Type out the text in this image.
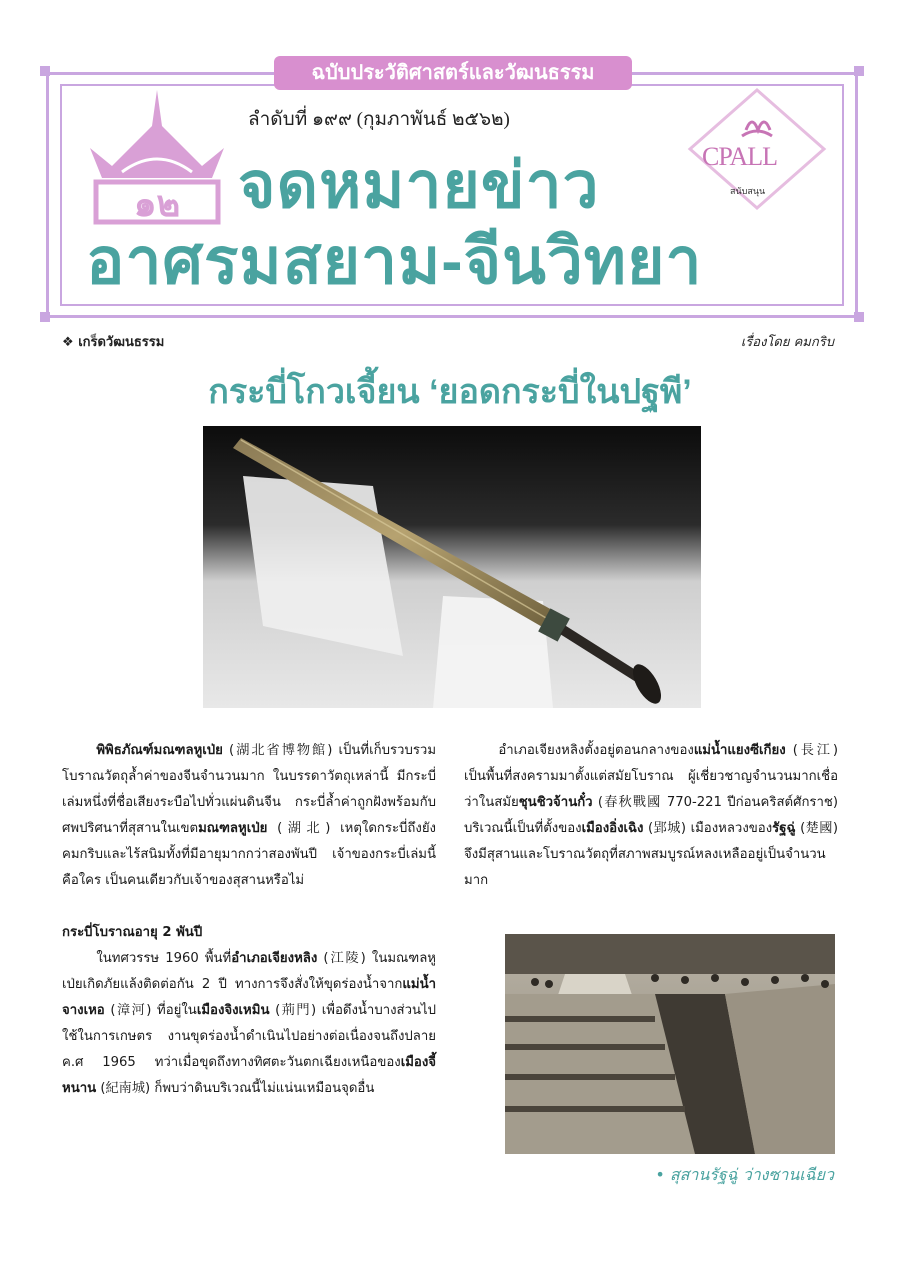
ฉบับประวัติศาสตร์และวัฒนธรรม
ลำดับที่ ๑๙๙ (กุมภาพันธ์ ๒๕๖๒)
๑๒ จดหมายข่าว
อาศรมสยาม-จีนวิทยา
CPALL
สนับสนุน
❖ เกร็ดวัฒนธรรม	เรื่องโดย คมกริบ
กระบี่โกวเจี้ยน ‘ยอดกระบี่ในปฐพี’

พิพิธภัณฑ์มณฑลหูเป่ย (湖北省博物館) เป็นที่เก็บรวบรวมโบราณวัตถุล้ำค่าของจีนจำนวนมาก ในบรรดาวัตถุเหล่านี้ มีกระบี่เล่มหนึ่งที่ชื่อเสียงระบือไปทั่วแผ่นดินจีน กระบี่ล้ำค่าถูกฝังพร้อมกับศพปริศนาที่สุสานในเขตมณฑลหูเป่ย (湖北) เหตุใดกระบี่ถึงยังคมกริบและไร้สนิมทั้งที่มีอายุมากกว่าสองพันปี เจ้าของกระบี่เล่มนี้คือใคร เป็นคนเดียวกับเจ้าของสุสานหรือไม่

กระบี่โบราณอายุ 2 พันปี

ในทศวรรษ 1960 พื้นที่อำเภอเจียงหลิง (江陵) ในมณฑลหูเป่ยเกิดภัยแล้งติดต่อกัน 2 ปี ทางการจึงสั่งให้ขุดร่องน้ำจากแม่น้ำจางเหอ (漳河) ที่อยู่ในเมืองจิงเหมิน (荊門) เพื่อดึงน้ำบางส่วนไปใช้ในการเกษตร งานขุดร่องน้ำดำเนินไปอย่างต่อเนื่องจนถึงปลาย ค.ศ 1965 ทว่าเมื่อขุดถึงทางทิศตะวันตกเฉียงเหนือของเมืองจี้หนาน (紀南城) ก็พบว่าดินบริเวณนี้ไม่แน่นเหมือนจุดอื่น

อำเภอเจียงหลิงตั้งอยู่ตอนกลางของแม่น้ำแยงซีเกียง (長江) เป็นพื้นที่สงครามมาตั้งแต่สมัยโบราณ ผู้เชี่ยวชาญจำนวนมากเชื่อว่าในสมัยชุนชิวจ้านกั๋ว (春秋戰國 770-221 ปีก่อนคริสต์ศักราช) บริเวณนี้เป็นที่ตั้งของเมืองอิ่งเฉิง (郢城) เมืองหลวงของรัฐฉู่ (楚國) จึงมีสุสานและโบราณวัตถุที่สภาพสมบูรณ์หลงเหลืออยู่เป็นจำนวนมาก

• สุสานรัฐฉู่ ว่างซานเฉียว
